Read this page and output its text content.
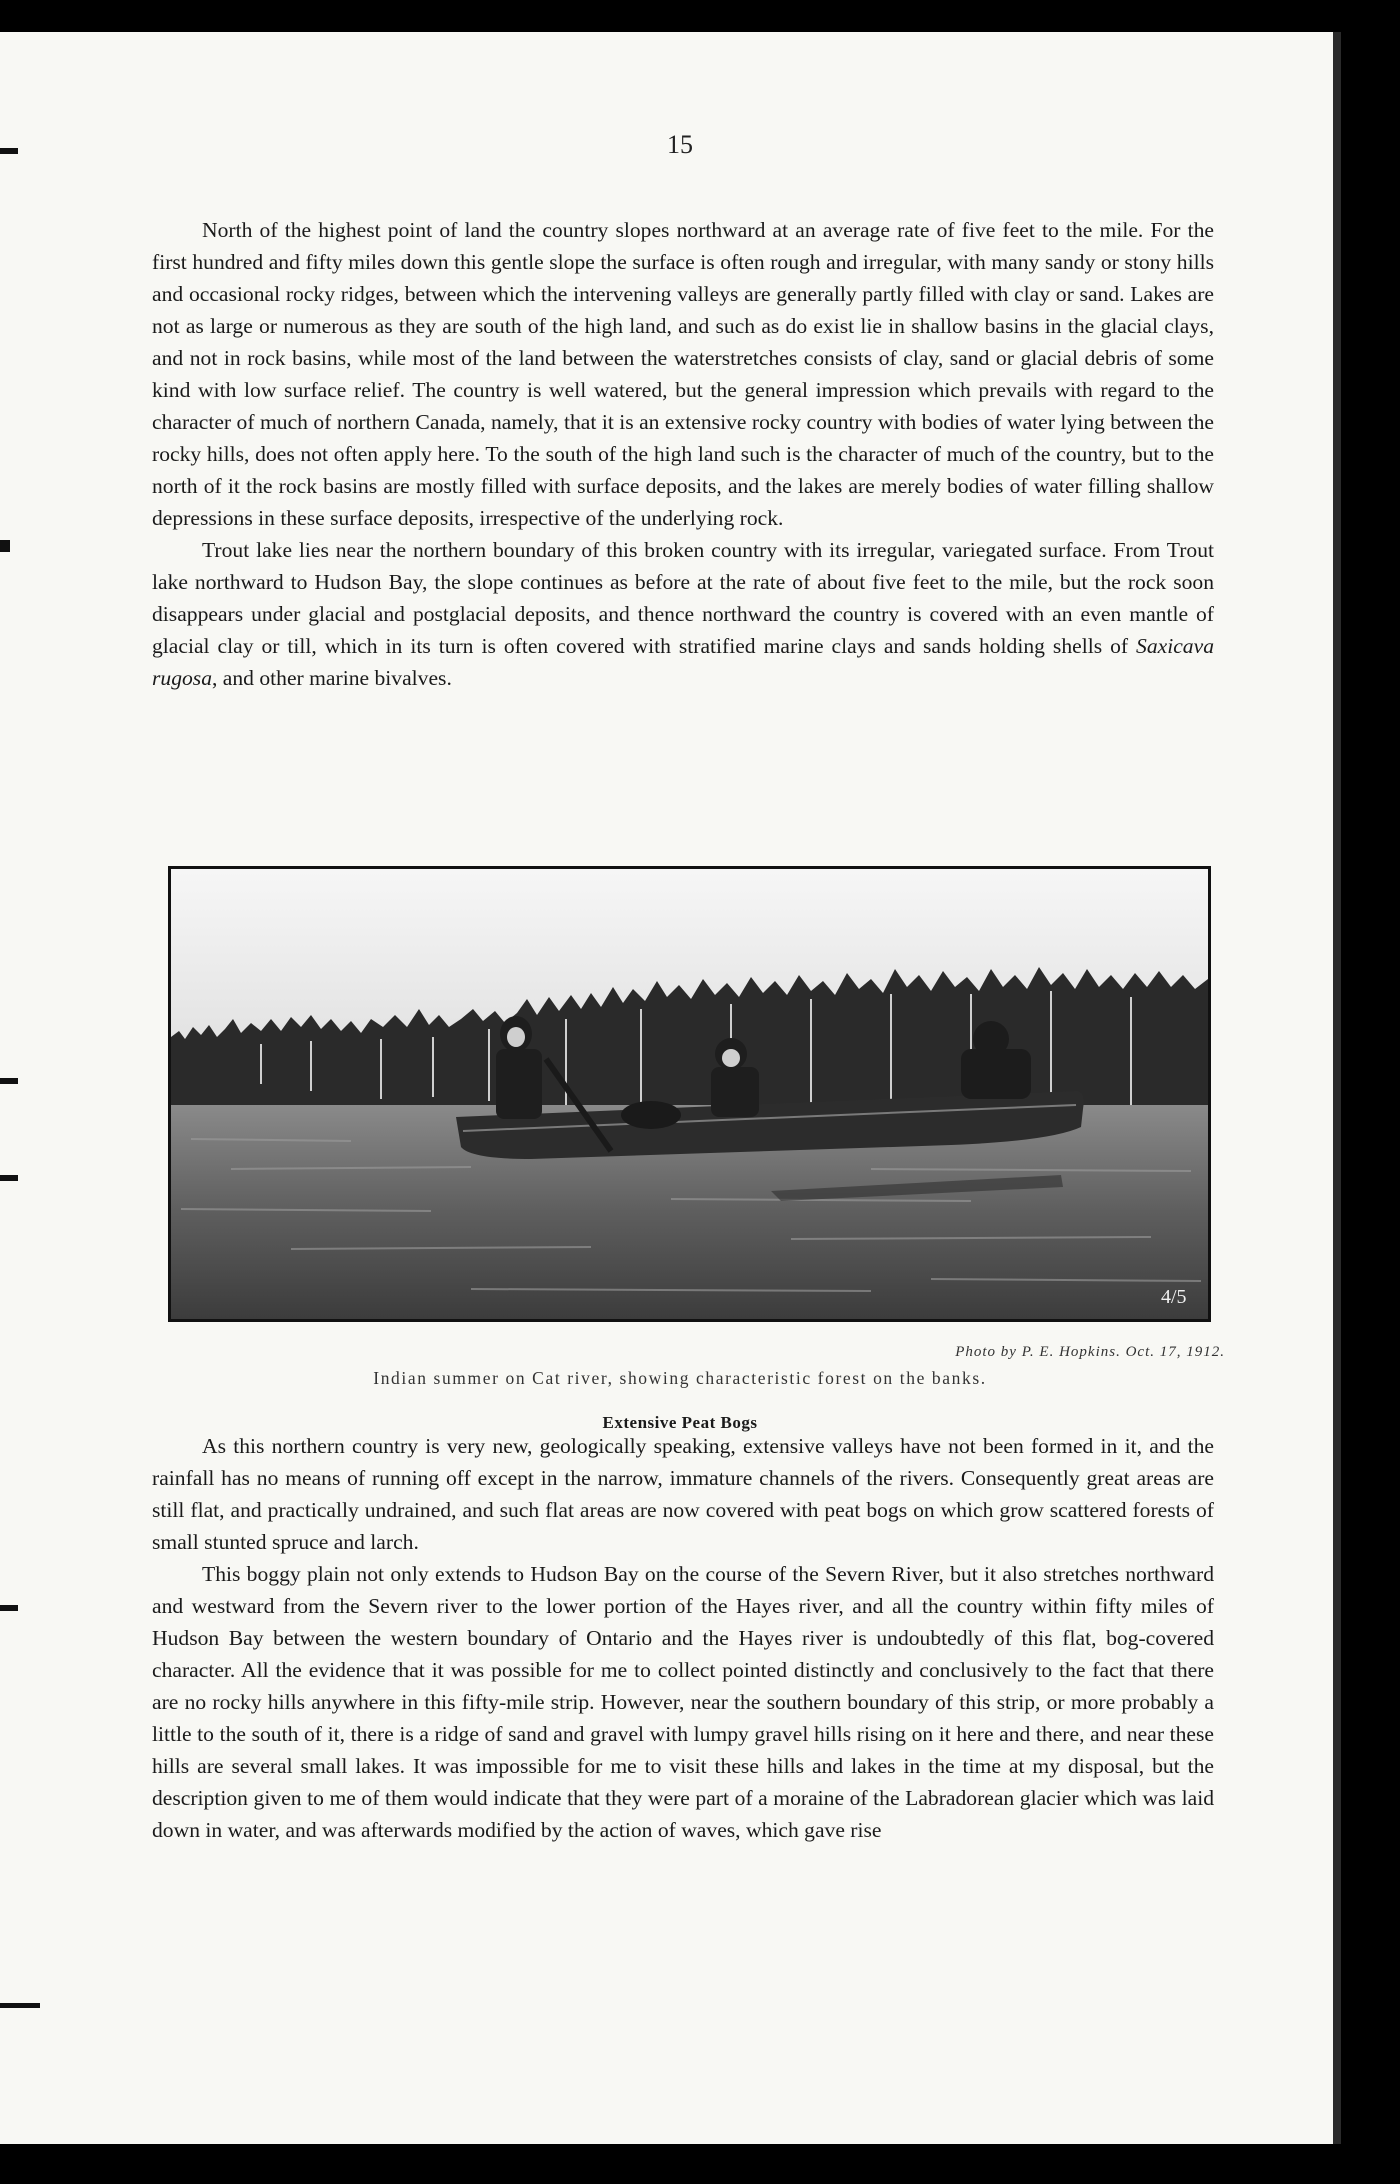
15

North of the highest point of land the country slopes northward at an average rate of five feet to the mile. For the first hundred and fifty miles down this gentle slope the surface is often rough and irregular, with many sandy or stony hills and occasional rocky ridges, between which the intervening valleys are generally partly filled with clay or sand. Lakes are not as large or numerous as they are south of the high land, and such as do exist lie in shallow basins in the glacial clays, and not in rock basins, while most of the land between the waterstretches consists of clay, sand or glacial debris of some kind with low surface relief. The country is well watered, but the general impression which prevails with regard to the character of much of northern Canada, namely, that it is an extensive rocky country with bodies of water lying between the rocky hills, does not often apply here. To the south of the high land such is the character of much of the country, but to the north of it the rock basins are mostly filled with surface deposits, and the lakes are merely bodies of water filling shallow depressions in these surface deposits, irrespective of the underlying rock.

Trout lake lies near the northern boundary of this broken country with its irregular, variegated surface. From Trout lake northward to Hudson Bay, the slope continues as before at the rate of about five feet to the mile, but the rock soon disappears under glacial and postglacial deposits, and thence northward the country is covered with an even mantle of glacial clay or till, which in its turn is often covered with stratified marine clays and sands holding shells of Saxicava rugosa, and other marine bivalves.

4/5
Photo by P. E. Hopkins. Oct. 17, 1912.
Indian summer on Cat river, showing characteristic forest on the banks.
Extensive Peat Bogs

As this northern country is very new, geologically speaking, extensive valleys have not been formed in it, and the rainfall has no means of running off except in the narrow, immature channels of the rivers. Consequently great areas are still flat, and practically undrained, and such flat areas are now covered with peat bogs on which grow scattered forests of small stunted spruce and larch.

This boggy plain not only extends to Hudson Bay on the course of the Severn River, but it also stretches northward and westward from the Severn river to the lower portion of the Hayes river, and all the country within fifty miles of Hudson Bay between the western boundary of Ontario and the Hayes river is undoubtedly of this flat, bog-covered character. All the evidence that it was possible for me to collect pointed distinctly and conclusively to the fact that there are no rocky hills anywhere in this fifty-mile strip. However, near the southern boundary of this strip, or more probably a little to the south of it, there is a ridge of sand and gravel with lumpy gravel hills rising on it here and there, and near these hills are several small lakes. It was impossible for me to visit these hills and lakes in the time at my disposal, but the description given to me of them would indicate that they were part of a moraine of the Labradorean glacier which was laid down in water, and was afterwards modified by the action of waves, which gave rise
